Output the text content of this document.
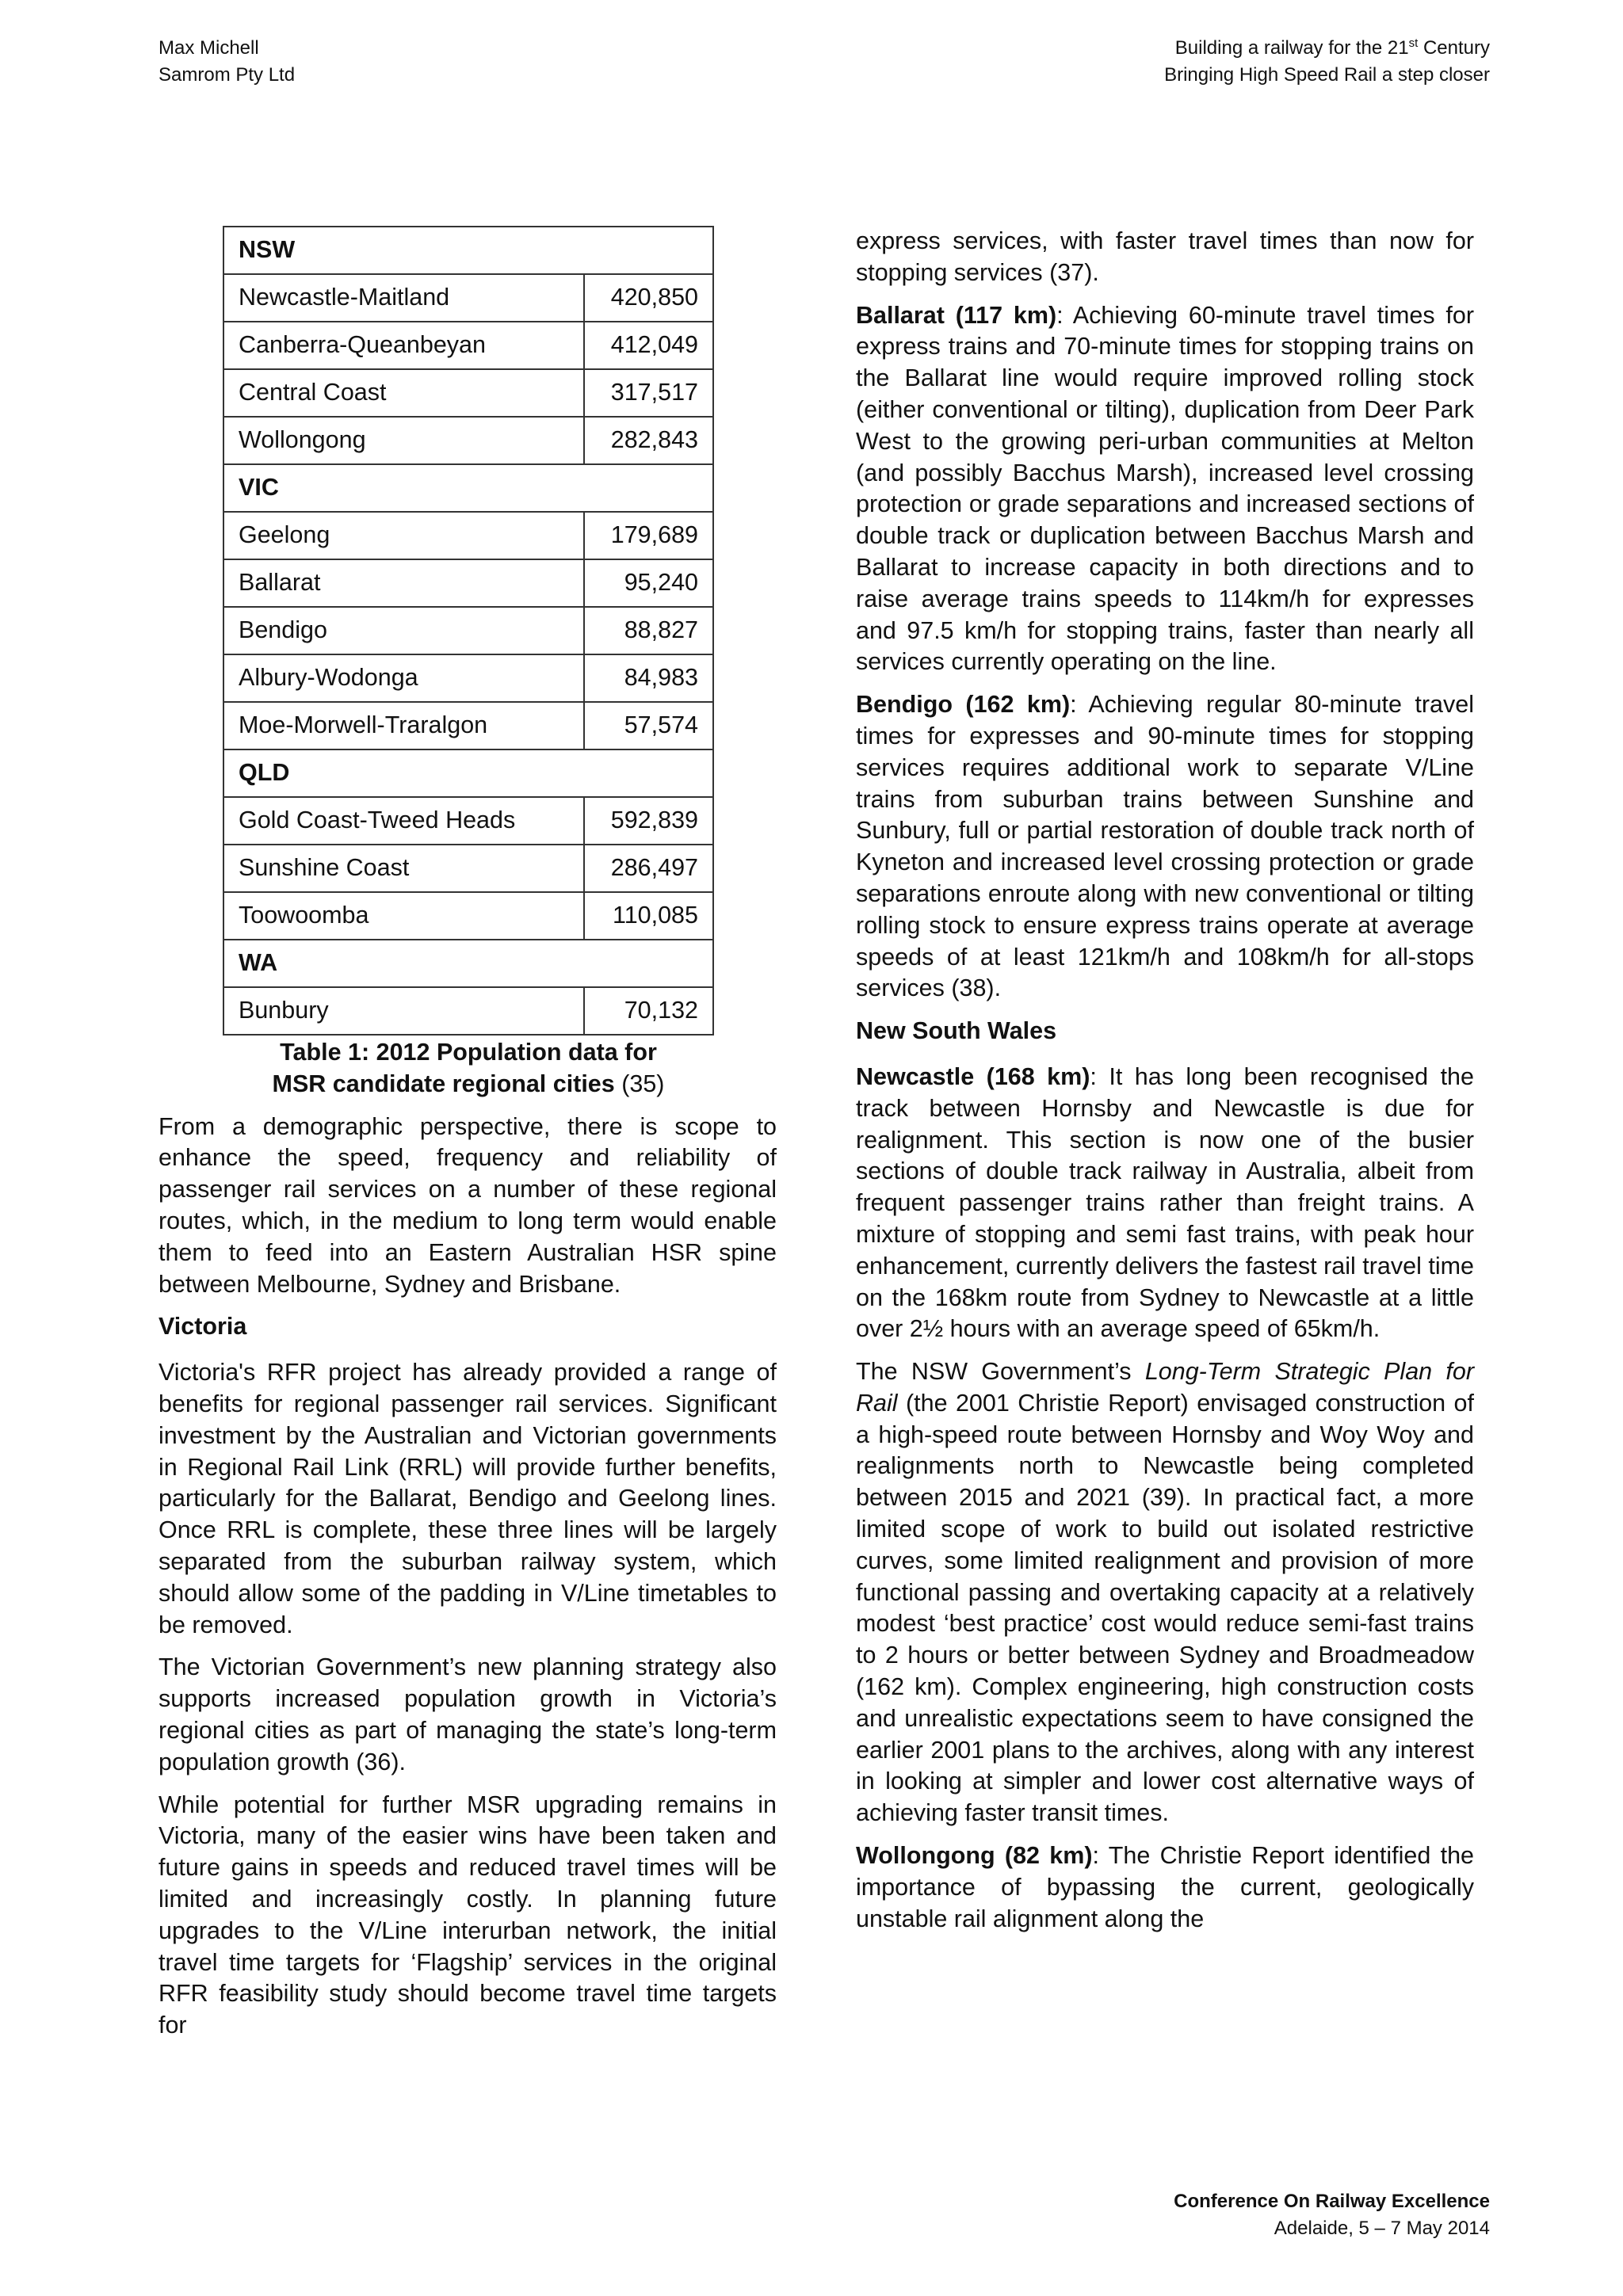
Max Michell
Samrom Pty Ltd
Building a railway for the 21st Century
Bringing High Speed Rail a step closer
NSW	
Newcastle-Maitland	420,850
Canberra-Queanbeyan	412,049
Central Coast	317,517
Wollongong	282,843
VIC	
Geelong	179,689
Ballarat	95,240
Bendigo	88,827
Albury-Wodonga	84,983
Moe-Morwell-Traralgon	57,574
QLD	
Gold Coast-Tweed Heads	592,839
Sunshine Coast	286,497
Toowoomba	110,085
WA	
Bunbury	70,132
Table 1: 2012 Population data for
MSR candidate regional cities (35)

From a demographic perspective, there is scope to enhance the speed, frequency and reliability of passenger rail services on a number of these regional routes, which, in the medium to long term would enable them to feed into an Eastern Australian HSR spine between Melbourne, Sydney and Brisbane.

Victoria

Victoria's RFR project has already provided a range of benefits for regional passenger rail services. Significant investment by the Australian and Victorian governments in Regional Rail Link (RRL) will provide further benefits, particularly for the Ballarat, Bendigo and Geelong lines. Once RRL is complete, these three lines will be largely separated from the suburban railway system, which should allow some of the padding in V/Line timetables to be removed.

The Victorian Government’s new planning strategy also supports increased population growth in Victoria’s regional cities as part of managing the state’s long-term population growth (36).

While potential for further MSR upgrading remains in Victoria, many of the easier wins have been taken and future gains in speeds and reduced travel times will be limited and increasingly costly. In planning future upgrades to the V/Line interurban network, the initial travel time targets for ‘Flagship’ services in the original RFR feasibility study should become travel time targets for

express services, with faster travel times than now for stopping services (37).

Ballarat (117 km): Achieving 60-minute travel times for express trains and 70-minute times for stopping trains on the Ballarat line would require improved rolling stock (either conventional or tilting), duplication from Deer Park West to the growing peri-urban communities at Melton (and possibly Bacchus Marsh), increased level crossing protection or grade separations and increased sections of double track or duplication between Bacchus Marsh and Ballarat to increase capacity in both directions and to raise average trains speeds to 114km/h for expresses and 97.5 km/h for stopping trains, faster than nearly all services currently operating on the line.

Bendigo (162 km): Achieving regular 80-minute travel times for expresses and 90-minute times for stopping services requires additional work to separate V/Line trains from suburban trains between Sunshine and Sunbury, full or partial restoration of double track north of Kyneton and increased level crossing protection or grade separations enroute along with new conventional or tilting rolling stock to ensure express trains operate at average speeds of at least 121km/h and 108km/h for all-stops services (38).

New South Wales

Newcastle (168 km): It has long been recognised the track between Hornsby and Newcastle is due for realignment. This section is now one of the busier sections of double track railway in Australia, albeit from frequent passenger trains rather than freight trains. A mixture of stopping and semi fast trains, with peak hour enhancement, currently delivers the fastest rail travel time on the 168km route from Sydney to Newcastle at a little over 2½ hours with an average speed of 65km/h.

The NSW Government’s Long-Term Strategic Plan for Rail (the 2001 Christie Report) envisaged construction of a high-speed route between Hornsby and Woy Woy and realignments north to Newcastle being completed between 2015 and 2021 (39). In practical fact, a more limited scope of work to build out isolated restrictive curves, some limited realignment and provision of more functional passing and overtaking capacity at a relatively modest ‘best practice’ cost would reduce semi-fast trains to 2 hours or better between Sydney and Broadmeadow (162 km). Complex engineering, high construction costs and unrealistic expectations seem to have consigned the earlier 2001 plans to the archives, along with any interest in looking at simpler and lower cost alternative ways of achieving faster transit times.

Wollongong (82 km): The Christie Report identified the importance of bypassing the current, geologically unstable rail alignment along the

Conference On Railway Excellence
Adelaide, 5 – 7 May 2014
